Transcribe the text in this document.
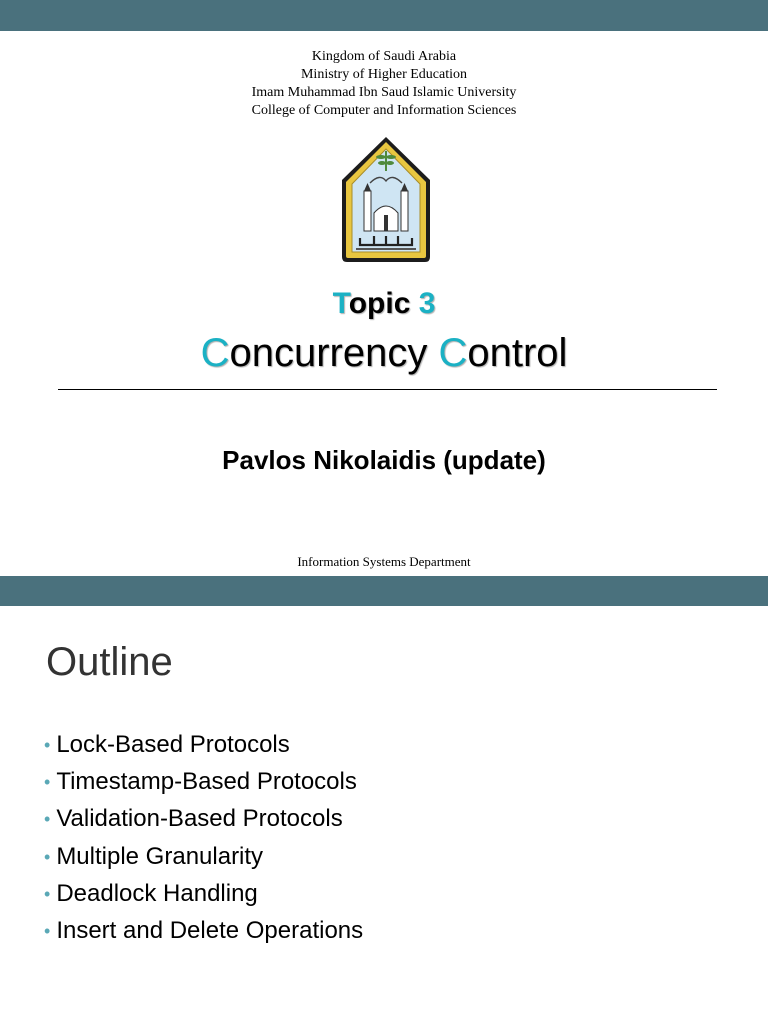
Kingdom of Saudi Arabia
Ministry of Higher Education
Imam Muhammad Ibn Saud Islamic University
College of Computer and Information Sciences
Topic 3
Concurrency Control
Pavlos Nikolaidis (update)
Information Systems Department
Outline
• Lock-Based Protocols
• Timestamp-Based Protocols
• Validation-Based Protocols
• Multiple Granularity
• Deadlock Handling
• Insert and Delete Operations
